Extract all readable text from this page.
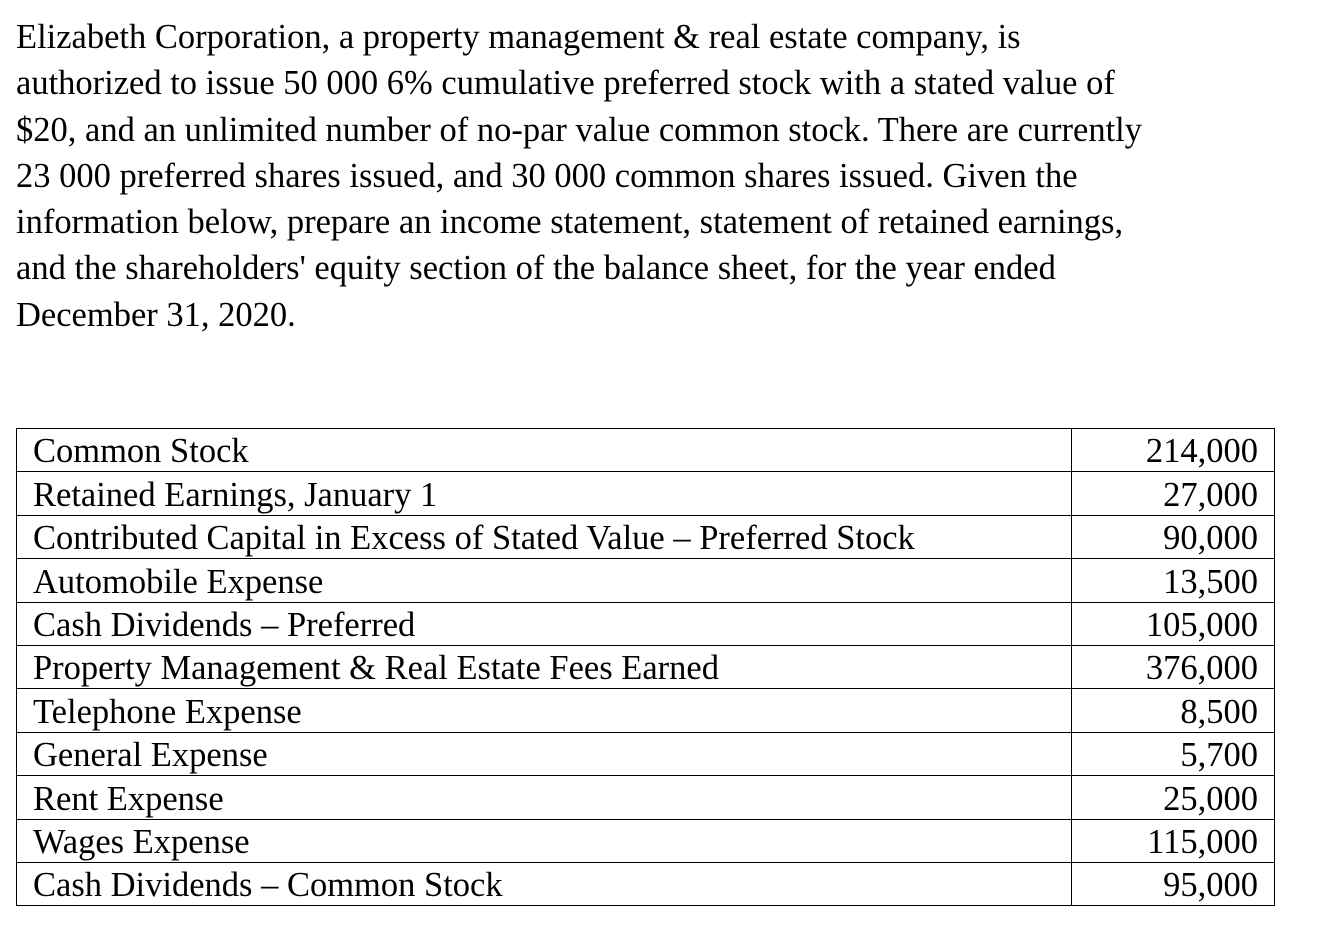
Elizabeth Corporation, a property management & real estate company, is
authorized to issue 50 000 6% cumulative preferred stock with a stated value of
$20, and an unlimited number of no-par value common stock. There are currently
23 000 preferred shares issued, and 30 000 common shares issued. Given the
information below, prepare an income statement, statement of retained earnings,
and the shareholders' equity section of the balance sheet, for the year ended
December 31, 2020.

Common Stock	214,000
Retained Earnings, January 1	27,000
Contributed Capital in Excess of Stated Value – Preferred Stock	90,000
Automobile Expense	13,500
Cash Dividends – Preferred	105,000
Property Management & Real Estate Fees Earned	376,000
Telephone Expense	8,500
General Expense	5,700
Rent Expense	25,000
Wages Expense	115,000
Cash Dividends – Common Stock	95,000
